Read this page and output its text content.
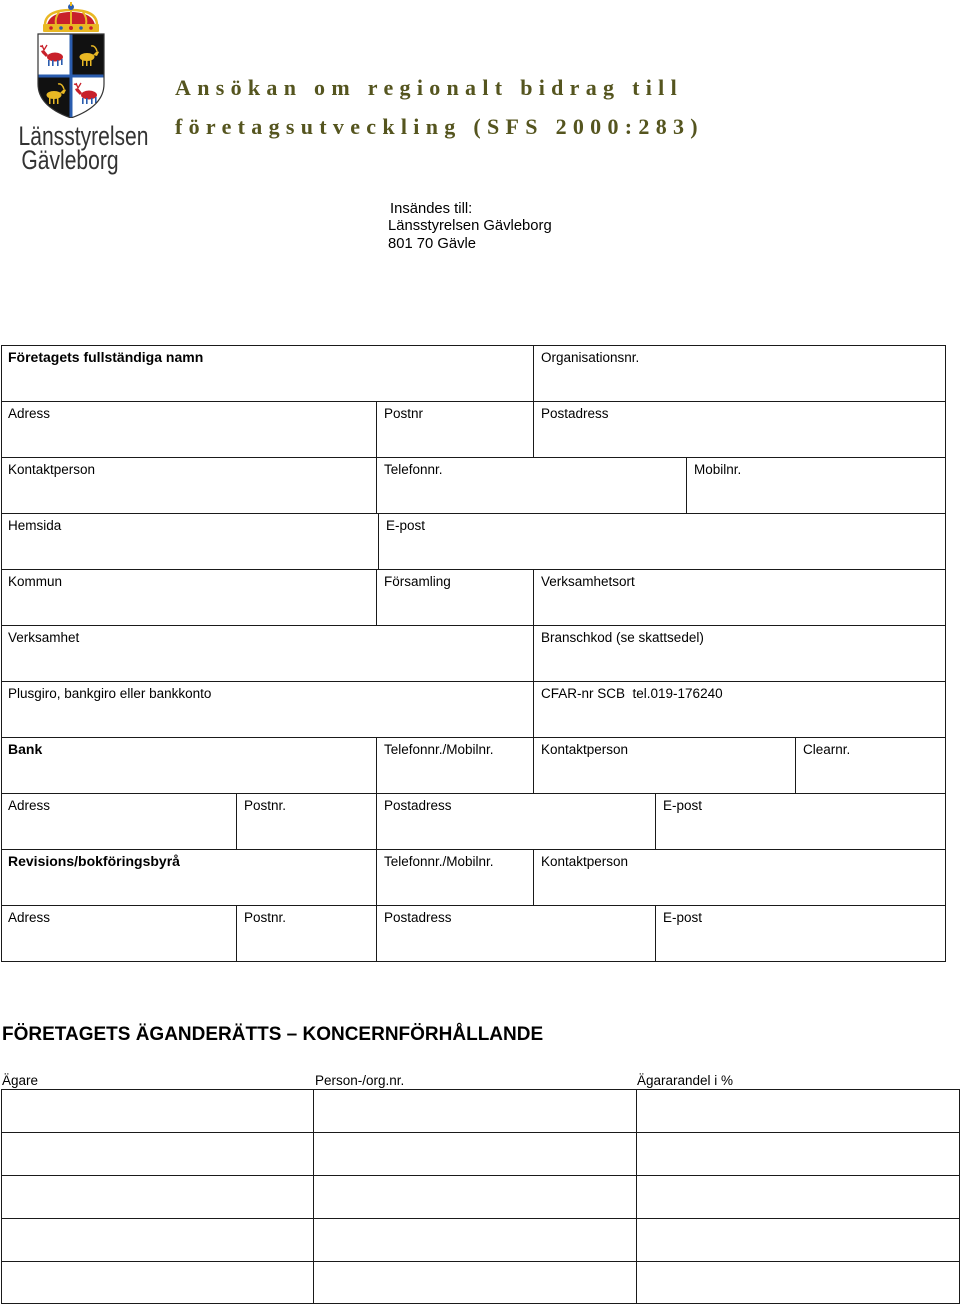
Länsstyrelsen
Gävleborg
Ansökan om regionalt bidrag till
företagsutveckling (SFS 2000:283)
Insändes till:
Länsstyrelsen Gävleborg
801 70 Gävle
Företagets fullständiga namn	Organisationsnr.
Adress	Postnr	Postadress
Kontaktperson	Telefonnr.	Mobilnr.
Hemsida	E-post
Kommun	Församling	Verksamhetsort
Verksamhet	Branschkod (se skattsedel)
Plusgiro, bankgiro eller bankkonto	CFAR-nr SCB  tel.019-176240
Bank	Telefonnr./Mobilnr.	Kontaktperson	Clearnr.
Adress	Postnr.	Postadress	E-post
Revisions/bokföringsbyrå	Telefonnr./Mobilnr.	Kontaktperson
Adress	Postnr.	Postadress	E-post
FÖRETAGETS ÄGANDERÄTTS – KONCERNFÖRHÅLLANDE
Ägare	Person-/org.nr.	Ägararandel i %
